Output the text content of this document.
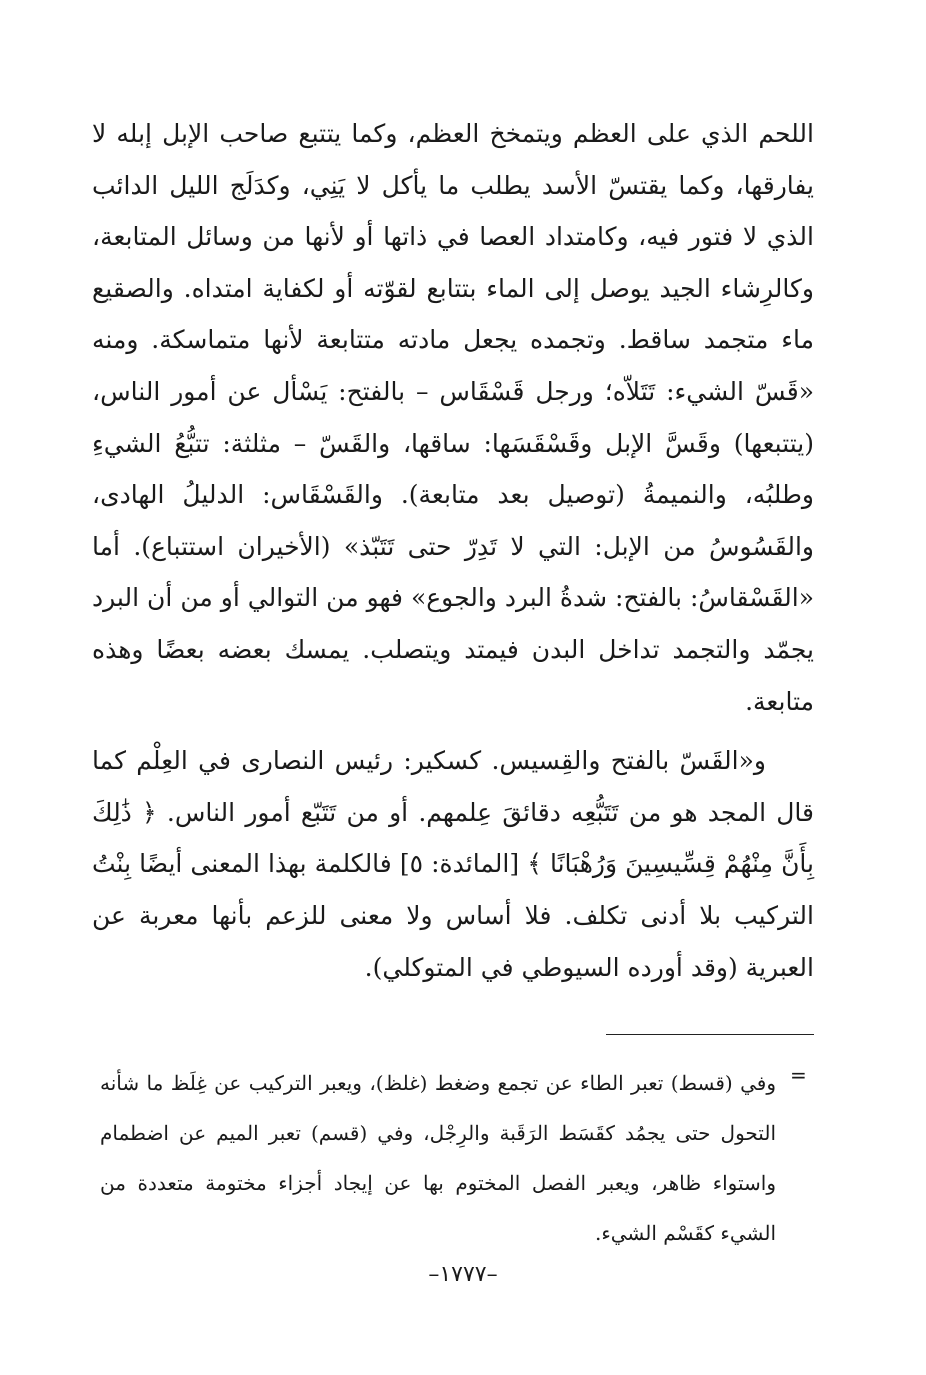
اللحم الذي على العظم ويتمخخ العظم، وكما يتتبع صاحب الإبل إبله لا يفارقها، وكما يقتسّ الأسد يطلب ما يأكل لا يَنِي، وكدَلَج الليل الدائب الذي لا فتور فيه، وكامتداد العصا في ذاتها أو لأنها من وسائل المتابعة، وكالرِشاء الجيد يوصل إلى الماء بتتابع لقوّته أو لكفاية امتداه. والصقيع ماء متجمد ساقط. وتجمده يجعل مادته متتابعة لأنها متماسكة. ومنه «قَسّ الشيء: تَتَلاّه؛ ورجل قَسْقَاس – بالفتح: يَسْأل عن أمور الناس، (يتتبعها) وقَسَّ الإبل وقَسْقَسَها: ساقها، والقَسّ – مثلثة: تتبُّعُ الشيءِ وطلبُه، والنميمةُ (توصيل بعد متابعة). والقَسْقَاس: الدليلُ الهادى، والقَسُوسُ من الإبل: التي لا تَدِرّ حتى تَتَبّذ» (الأخيران استتباع). أما «القَسْقاسُ: بالفتح: شدةُ البرد والجوع» فهو من التوالي أو من أن البرد يجمّد والتجمد تداخل البدن فيمتد ويتصلب. يمسك بعضه بعضًا وهذه متابعة.

و«القَسّ بالفتح والقِسيس. كسكير: رئيس النصارى في العِلْم كما قال المجد هو من تَتَبُّعِه دقائقَ عِلمهم. أو من تَتَبّع أمور الناس. ﴿ ذَٰلِكَ بِأَنَّ مِنْهُمْ قِسِّيسِينَ وَرُهْبَانًا ﴾ [المائدة: ٥] فالكلمة بهذا المعنى أيضًا بِنْتُ التركيب بلا أدنى تكلف. فلا أساس ولا معنى للزعم بأنها معربة عن العبرية (وقد أورده السيوطي في المتوكلي).

=

وفي (قسط) تعبر الطاء عن تجمع وضغط (غلظ)، ويعبر التركيب عن غِلَظ ما شأنه التحول حتى يجمُد كقَسَط الرَقَبة والرِجْل، وفي (قسم) تعبر الميم عن اضطمام واستواء ظاهر، ويعبر الفصل المختوم بها عن إيجاد أجزاء مختومة متعددة من الشيء كقَسْم الشيء.

–١٧٧٧–
